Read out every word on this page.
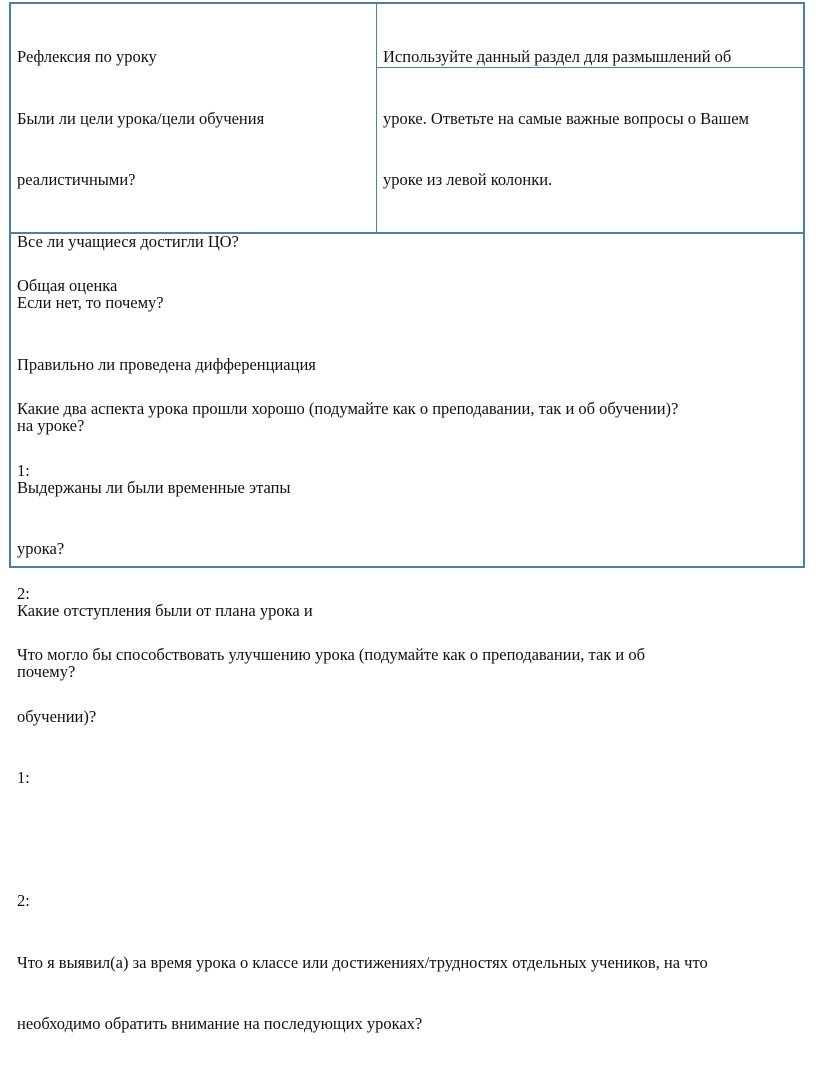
Рефлексия по уроку

Были ли цели урока/цели обучения

реалистичными?

Все ли учащиеся достигли ЦО?

Если нет, то почему?

Правильно ли проведена дифференциация

на уроке?

Выдержаны ли были временные этапы

урока?

Какие отступления были от плана урока и

почему?

Используйте данный раздел для размышлений об

уроке. Ответьте на самые важные вопросы о Вашем

уроке из левой колонки.

Общая оценка

Какие два аспекта урока прошли хорошо (подумайте как о преподавании, так и об обучении)?

1:

2:

Что могло бы способствовать улучшению урока (подумайте как о преподавании, так и об

обучении)?

1:

2:

Что я выявил(а) за время урока о классе или достижениях/трудностях отдельных учеников, на что

необходимо обратить внимание на последующих уроках?
